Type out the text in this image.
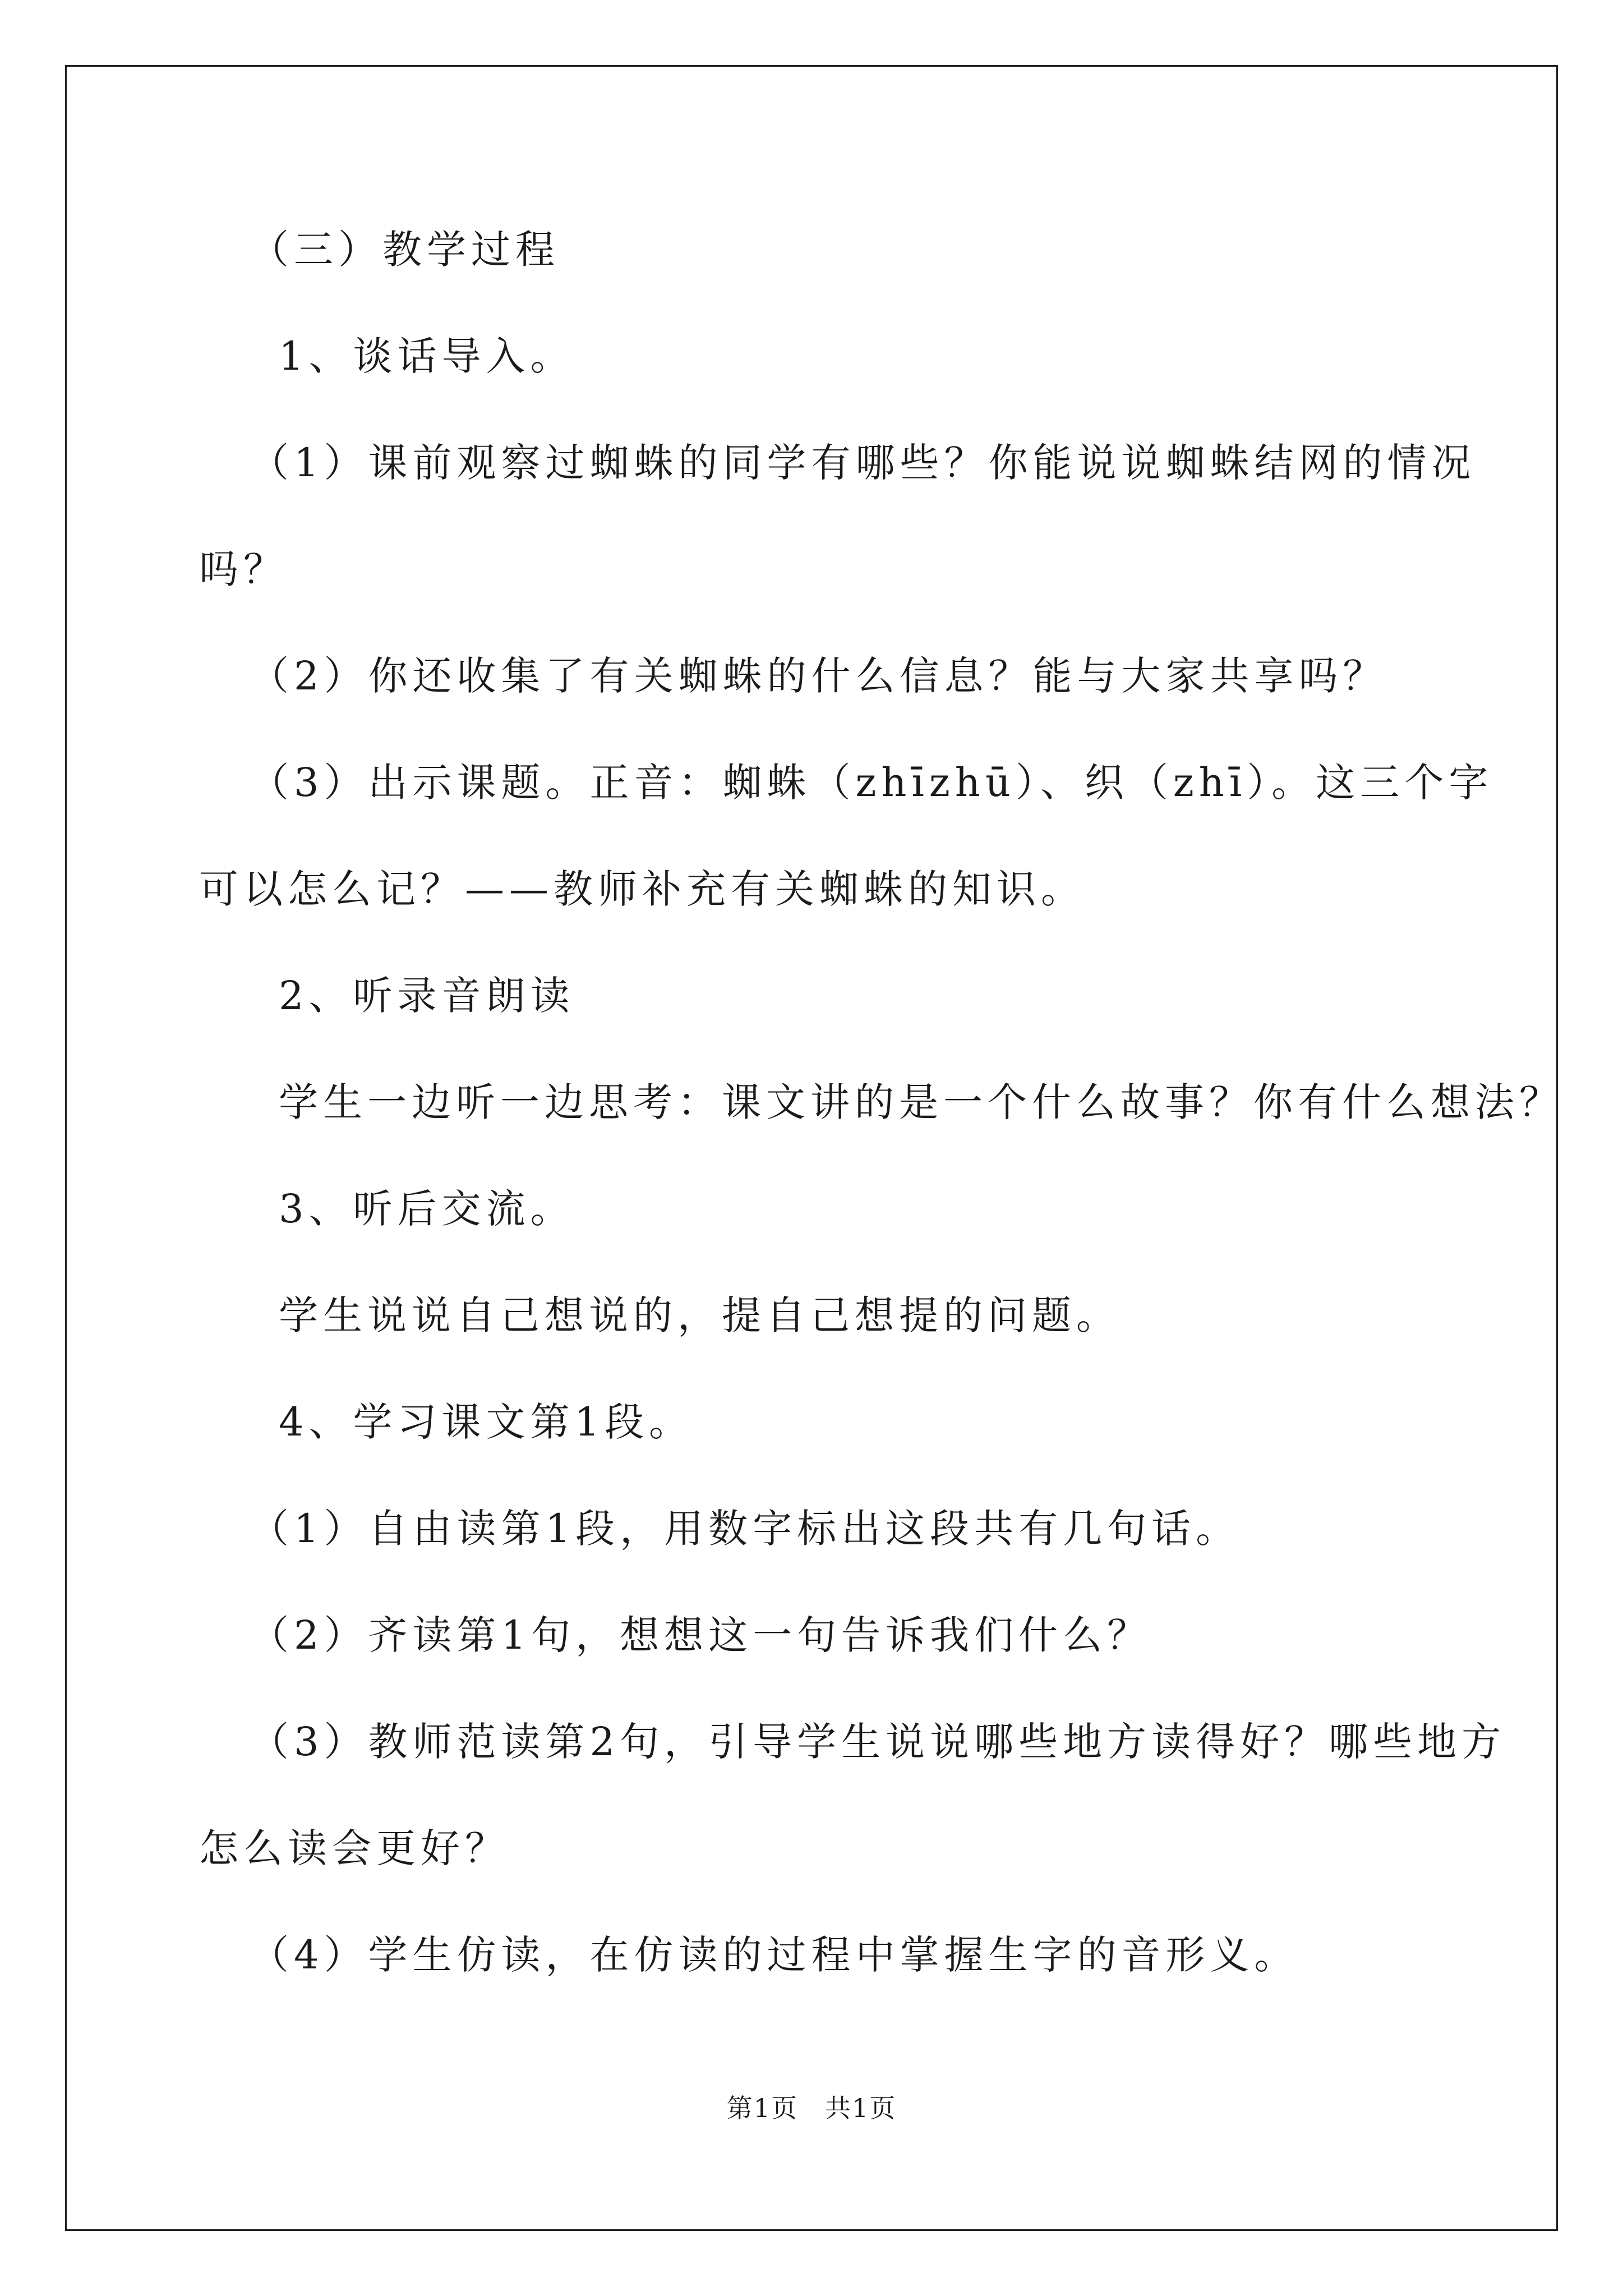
（三）教学过程
1、谈话导入。
（1）课前观察过蜘蛛的同学有哪些？你能说说蜘蛛结网的情况
吗？
（2）你还收集了有关蜘蛛的什么信息？能与大家共享吗？
（3）出示课题。正音：蜘蛛（zhīzhū）、织（zhī）。这三个字
可以怎么记？——教师补充有关蜘蛛的知识。
2、听录音朗读
学生一边听一边思考：课文讲的是一个什么故事？你有什么想法？
3、听后交流。
学生说说自己想说的，提自己想提的问题。
4、学习课文第1段。
（1）自由读第1段，用数字标出这段共有几句话。
（2）齐读第1句，想想这一句告诉我们什么？
（3）教师范读第2句，引导学生说说哪些地方读得好？哪些地方
怎么读会更好？
（4）学生仿读，在仿读的过程中掌握生字的音形义。
第1页　共1页
